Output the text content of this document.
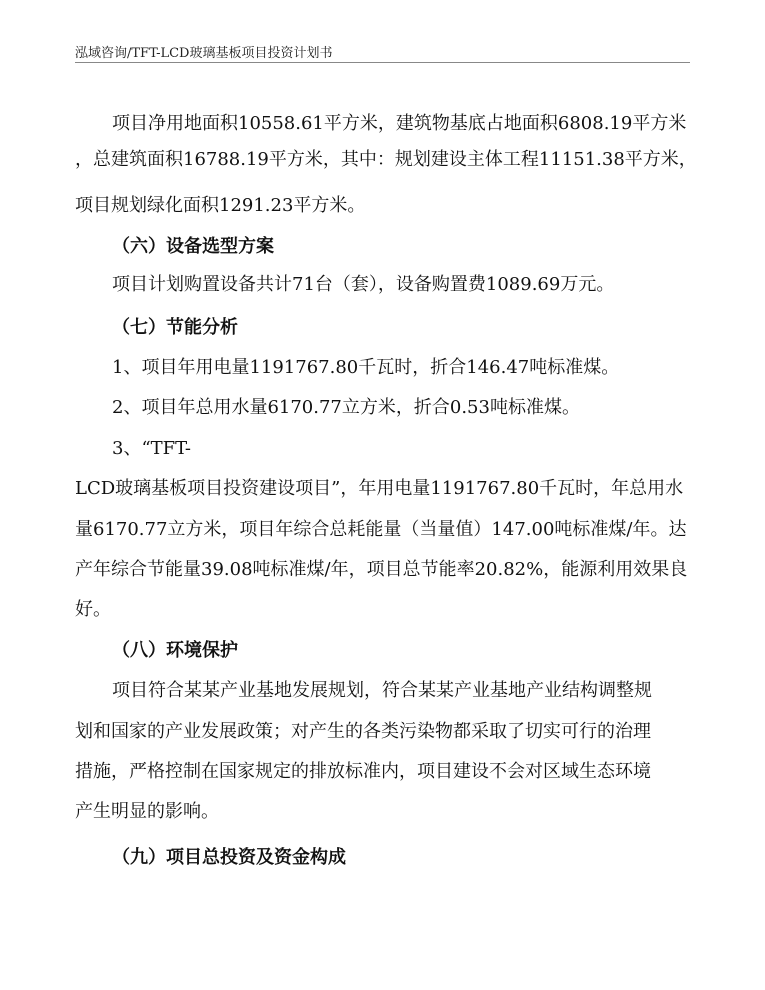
泓域咨询/TFT-LCD玻璃基板项目投资计划书
项目净用地面积10558.61平方米，建筑物基底占地面积6808.19平方米
，总建筑面积16788.19平方米，其中：规划建设主体工程11151.38平方米，
项目规划绿化面积1291.23平方米。
（六）设备选型方案
项目计划购置设备共计71台（套），设备购置费1089.69万元。
（七）节能分析
1、项目年用电量1191767.80千瓦时，折合146.47吨标准煤。
2、项目年总用水量6170.77立方米，折合0.53吨标准煤。
3、“TFT-
LCD玻璃基板项目投资建设项目”，年用电量1191767.80千瓦时，年总用水
量6170.77立方米，项目年综合总耗能量（当量值）147.00吨标准煤/年。达
产年综合节能量39.08吨标准煤/年，项目总节能率20.82%，能源利用效果良
好。
（八）环境保护
项目符合某某产业基地发展规划，符合某某产业基地产业结构调整规
划和国家的产业发展政策；对产生的各类污染物都采取了切实可行的治理
措施，严格控制在国家规定的排放标准内，项目建设不会对区域生态环境
产生明显的影响。
（九）项目总投资及资金构成
